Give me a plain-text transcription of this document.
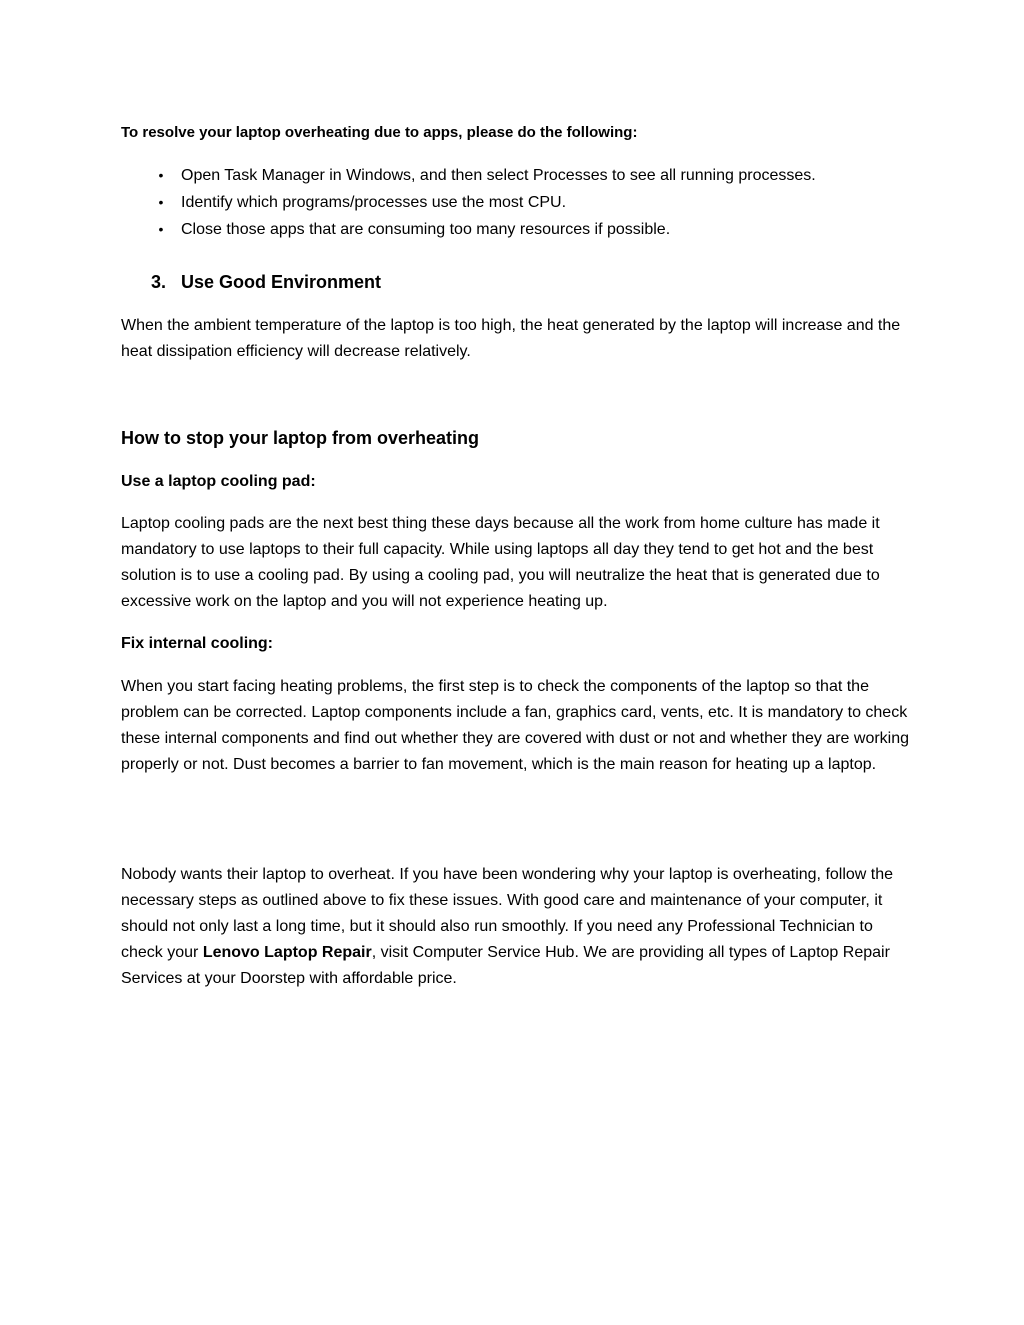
To resolve your laptop overheating due to apps, please do the following:

•	Open Task Manager in Windows, and then select Processes to see all running processes.
•	Identify which programs/processes use the most CPU.
•	Close those apps that are consuming too many resources if possible.
3. Use Good Environment

When the ambient temperature of the laptop is too high, the heat generated by the laptop will increase and the heat dissipation efficiency will decrease relatively.

How to stop your laptop from overheating

Use a laptop cooling pad:

Laptop cooling pads are the next best thing these days because all the work from home culture has made it mandatory to use laptops to their full capacity. While using laptops all day they tend to get hot and the best solution is to use a cooling pad. By using a cooling pad, you will neutralize the heat that is generated due to excessive work on the laptop and you will not experience heating up.

Fix internal cooling:

When you start facing heating problems, the first step is to check the components of the laptop so that the problem can be corrected. Laptop components include a fan, graphics card, vents, etc. It is mandatory to check these internal components and find out whether they are covered with dust or not and whether they are working properly or not. Dust becomes a barrier to fan movement, which is the main reason for heating up a laptop.

Nobody wants their laptop to overheat. If you have been wondering why your laptop is overheating, follow the necessary steps as outlined above to fix these issues. With good care and maintenance of your computer, it should not only last a long time, but it should also run smoothly. If you need any Professional Technician to check your Lenovo Laptop Repair, visit Computer Service Hub. We are providing all types of Laptop Repair Services at your Doorstep with affordable price.
